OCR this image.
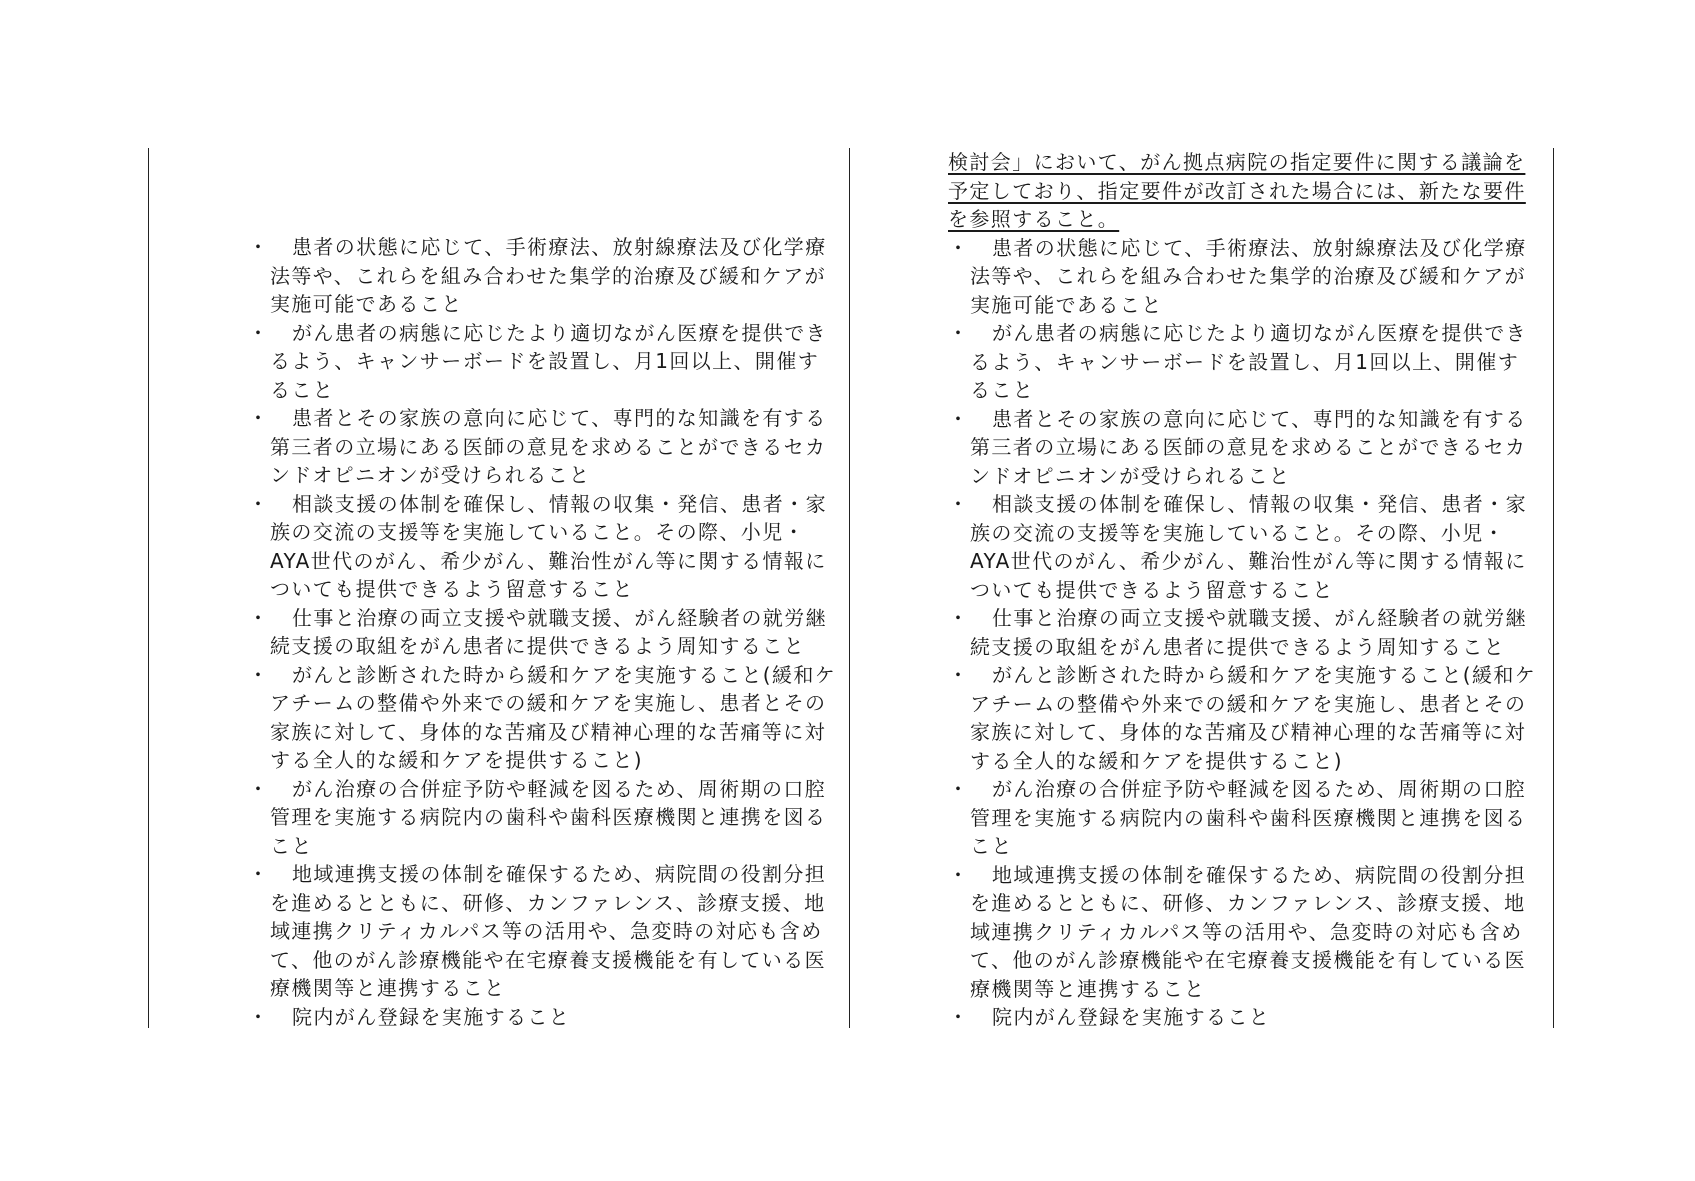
・	患者の状態に応じて、手術療法、放射線療法及び化学療法等や、これらを組み合わせた集学的治療及び緩和ケアが実施可能であること
・	がん患者の病態に応じたより適切ながん医療を提供できるよう、キャンサーボードを設置し、月1回以上、開催すること
・	患者とその家族の意向に応じて、専門的な知識を有する第三者の立場にある医師の意見を求めることができるセカンドオピニオンが受けられること
・	相談支援の体制を確保し、情報の収集・発信、患者・家族の交流の支援等を実施していること。その際、小児・AYA世代のがん、希少がん、難治性がん等に関する情報についても提供できるよう留意すること
・	仕事と治療の両立支援や就職支援、がん経験者の就労継続支援の取組をがん患者に提供できるよう周知すること
・	がんと診断された時から緩和ケアを実施すること(緩和ケアチームの整備や外来での緩和ケアを実施し、患者とその家族に対して、身体的な苦痛及び精神心理的な苦痛等に対する全人的な緩和ケアを提供すること)
・	がん治療の合併症予防や軽減を図るため、周術期の口腔管理を実施する病院内の歯科や歯科医療機関と連携を図ること
・	地域連携支援の体制を確保するため、病院間の役割分担を進めるとともに、研修、カンファレンス、診療支援、地域連携クリティカルパス等の活用や、急変時の対応も含めて、他のがん診療機能や在宅療養支援機能を有している医療機関等と連携すること
・	院内がん登録を実施すること

検討会」において、がん拠点病院の指定要件に関する議論を予定しており、指定要件が改訂された場合には、新たな要件を参照すること。

・	患者の状態に応じて、手術療法、放射線療法及び化学療法等や、これらを組み合わせた集学的治療及び緩和ケアが実施可能であること
・	がん患者の病態に応じたより適切ながん医療を提供できるよう、キャンサーボードを設置し、月1回以上、開催すること
・	患者とその家族の意向に応じて、専門的な知識を有する第三者の立場にある医師の意見を求めることができるセカンドオピニオンが受けられること
・	相談支援の体制を確保し、情報の収集・発信、患者・家族の交流の支援等を実施していること。その際、小児・AYA世代のがん、希少がん、難治性がん等に関する情報についても提供できるよう留意すること
・	仕事と治療の両立支援や就職支援、がん経験者の就労継続支援の取組をがん患者に提供できるよう周知すること
・	がんと診断された時から緩和ケアを実施すること(緩和ケアチームの整備や外来での緩和ケアを実施し、患者とその家族に対して、身体的な苦痛及び精神心理的な苦痛等に対する全人的な緩和ケアを提供すること)
・	がん治療の合併症予防や軽減を図るため、周術期の口腔管理を実施する病院内の歯科や歯科医療機関と連携を図ること
・	地域連携支援の体制を確保するため、病院間の役割分担を進めるとともに、研修、カンファレンス、診療支援、地域連携クリティカルパス等の活用や、急変時の対応も含めて、他のがん診療機能や在宅療養支援機能を有している医療機関等と連携すること
・	院内がん登録を実施すること
